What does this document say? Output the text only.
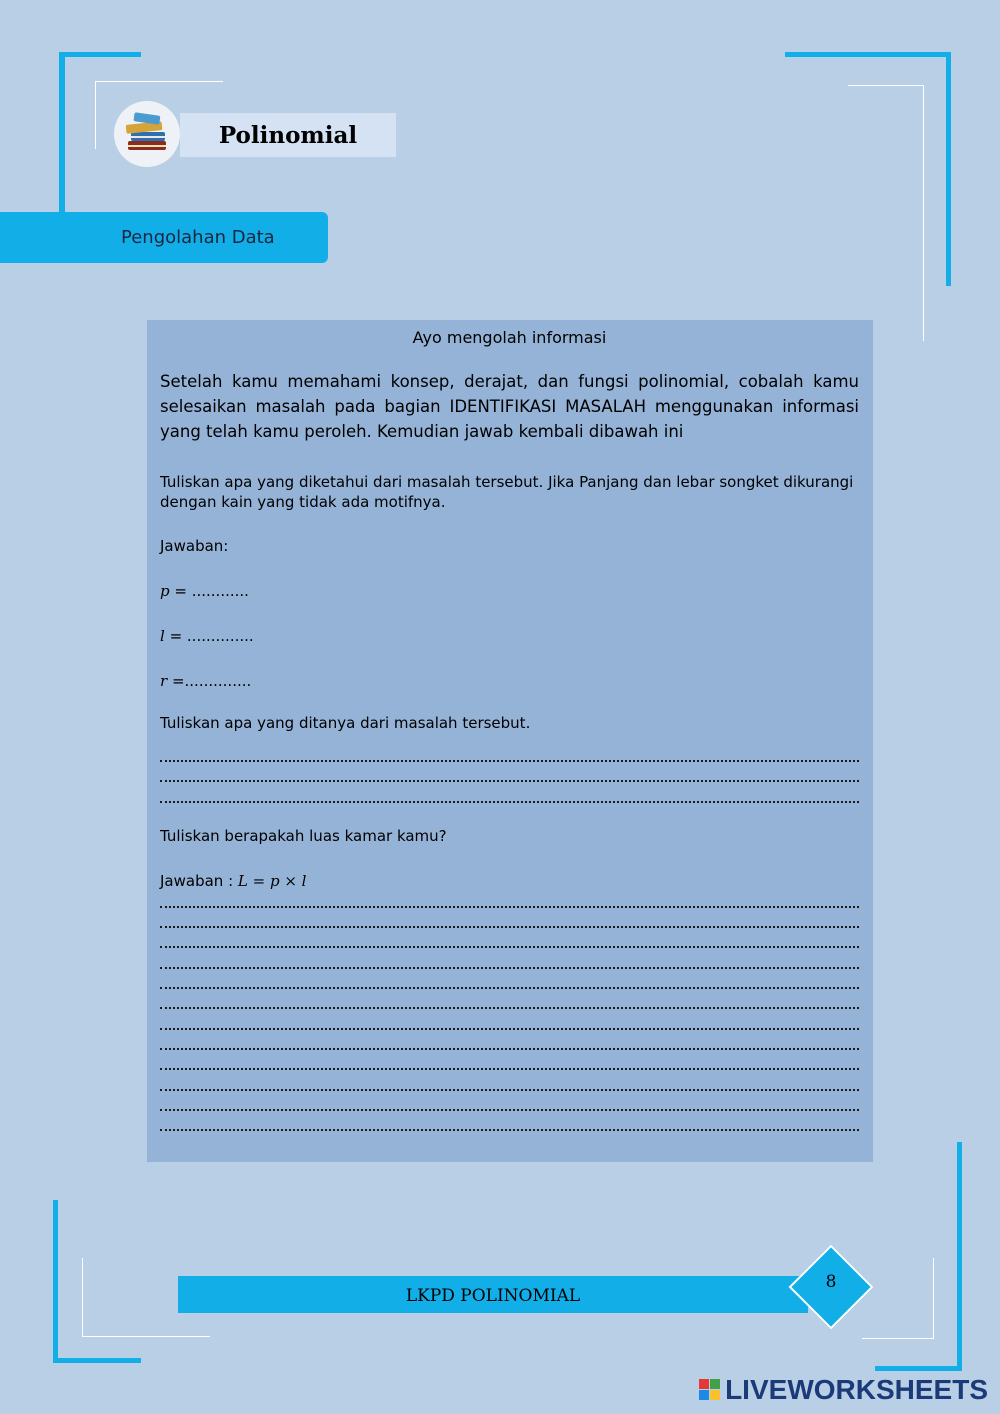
Polinomial
Pengolahan Data

Ayo mengolah informasi

Setelah kamu memahami konsep, derajat, dan fungsi polinomial, cobalah kamu selesaikan masalah pada bagian IDENTIFIKASI MASALAH menggunakan informasi yang telah kamu peroleh. Kemudian jawab kembali dibawah ini

Tuliskan apa yang diketahui dari masalah tersebut. Jika Panjang dan lebar songket dikurangi dengan kain yang tidak ada motifnya.

Jawaban:

p = ............

l = ..............

r =..............

Tuliskan apa yang ditanya dari masalah tersebut.

Tuliskan berapakah luas kamar kamu?

Jawaban : L = p × l

LKPD POLINOMIAL
8
LIVEWORKSHEETS
